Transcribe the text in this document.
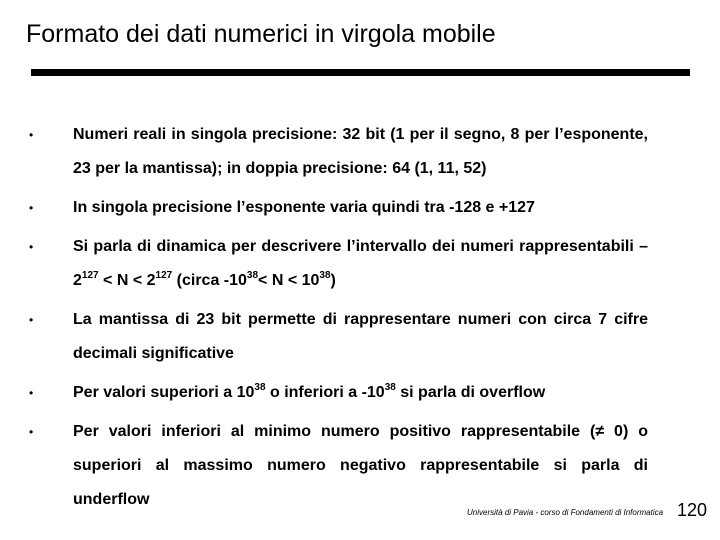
Formato dei dati numerici in virgola mobile
• Numeri reali in singola precisione: 32 bit (1 per il segno, 8 per l’esponente, 23 per la mantissa); in doppia precisione: 64 (1, 11, 52)
• In singola precisione l’esponente varia quindi tra -128 e +127
• Si parla di dinamica per descrivere l’intervallo dei numeri rappresentabili $-2^{127} < N < 2^{127}$ (circa $-10^{38}< N < 10^{38}$)
• La mantissa di 23 bit permette di rappresentare numeri con circa 7 cifre decimali significative
• Per valori superiori a $10^{38}$ o inferiori a $-10^{38}$ si parla di overflow
• Per valori inferiori al minimo numero positivo rappresentabile (≠ 0) o superiori al massimo numero negativo rappresentabile si parla di underflow
Università di Pavia - corso di Fondamenti di Informatica 120
